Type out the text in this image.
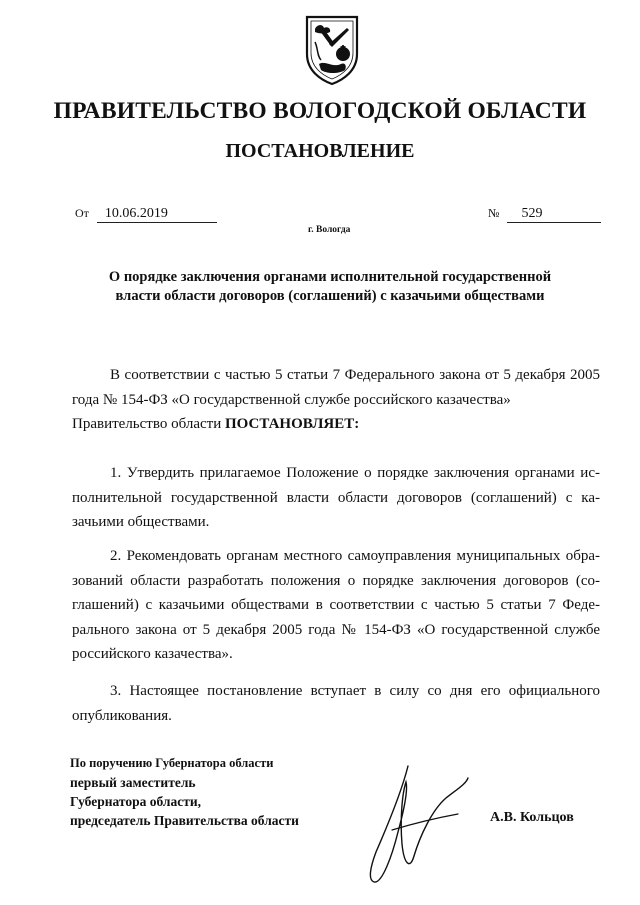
ПРАВИТЕЛЬСТВО ВОЛОГОДСКОЙ ОБЛАСТИ
ПОСТАНОВЛЕНИЕ
От 10.06.2019	№ 529
г. Вологда
О порядке заключения органами исполнительной государственной
власти области договоров (соглашений) с казачьими обществами
В соответствии с частью 5 статьи 7 Федерального закона от 5 декабря 2005
года № 154-ФЗ «О государственной службе российского казачества»
Правительство области ПОСТАНОВЛЯЕТ:
1. Утвердить прилагаемое Положение о порядке заключения органами ис-
полнительной государственной власти области договоров (соглашений) с ка-
зачьими обществами.
2. Рекомендовать органам местного самоуправления муниципальных обра-
зований области разработать положения о порядке заключения договоров (со-
глашений) с казачьими обществами в соответствии с частью 5 статьи 7 Феде-
рального закона от 5 декабря 2005 года № 154-ФЗ «О государственной службе
российского казачества».
3. Настоящее постановление вступает в силу со дня его официального
опубликования.
По поручению Губернатора области
первый заместитель
Губернатора области,
председатель Правительства области	А.В. Кольцов
